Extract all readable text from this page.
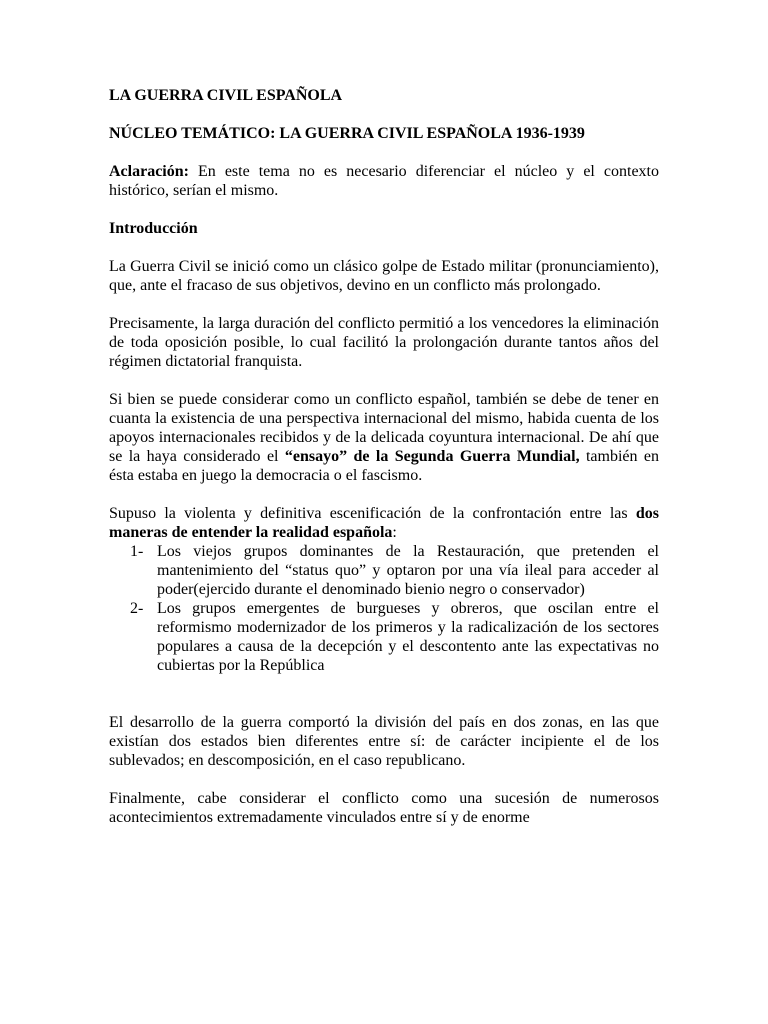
LA GUERRA CIVIL ESPAÑOLA

NÚCLEO TEMÁTICO: LA GUERRA CIVIL ESPAÑOLA 1936-1939

Aclaración: En este tema no es necesario diferenciar el núcleo y el contexto histórico, serían el mismo.

Introducción

La Guerra Civil se inició como un clásico golpe de Estado militar (pronunciamiento), que, ante el fracaso de sus objetivos, devino en un conflicto más prolongado.

Precisamente, la larga duración del conflicto permitió a los vencedores la eliminación de toda oposición posible, lo cual facilitó la prolongación durante tantos años del régimen dictatorial franquista.

Si bien se puede considerar como un conflicto español, también se debe de tener en cuanta la existencia de una perspectiva internacional del mismo, habida cuenta de los apoyos internacionales recibidos y de la delicada coyuntura internacional. De ahí que se la haya considerado el “ensayo” de la Segunda Guerra Mundial, también en ésta estaba en juego la democracia o el fascismo.

Supuso la violenta y definitiva escenificación de la confrontación entre las dos maneras de entender la realidad española:

1- Los viejos grupos dominantes de la Restauración, que pretenden el mantenimiento del “status quo” y optaron por una vía ileal para acceder al poder(ejercido durante el denominado bienio negro o conservador)
2- Los grupos emergentes de burgueses y obreros, que oscilan entre el reformismo modernizador de los primeros y la radicalización de los sectores populares a causa de la decepción y el descontento ante las expectativas no cubiertas por la República

El desarrollo de la guerra comportó la división del país en dos zonas, en las que existían dos estados bien diferentes entre sí: de carácter incipiente el de los sublevados; en descomposición, en el caso republicano.

Finalmente, cabe considerar el conflicto como una sucesión de numerosos acontecimientos extremadamente vinculados entre sí y de enorme
